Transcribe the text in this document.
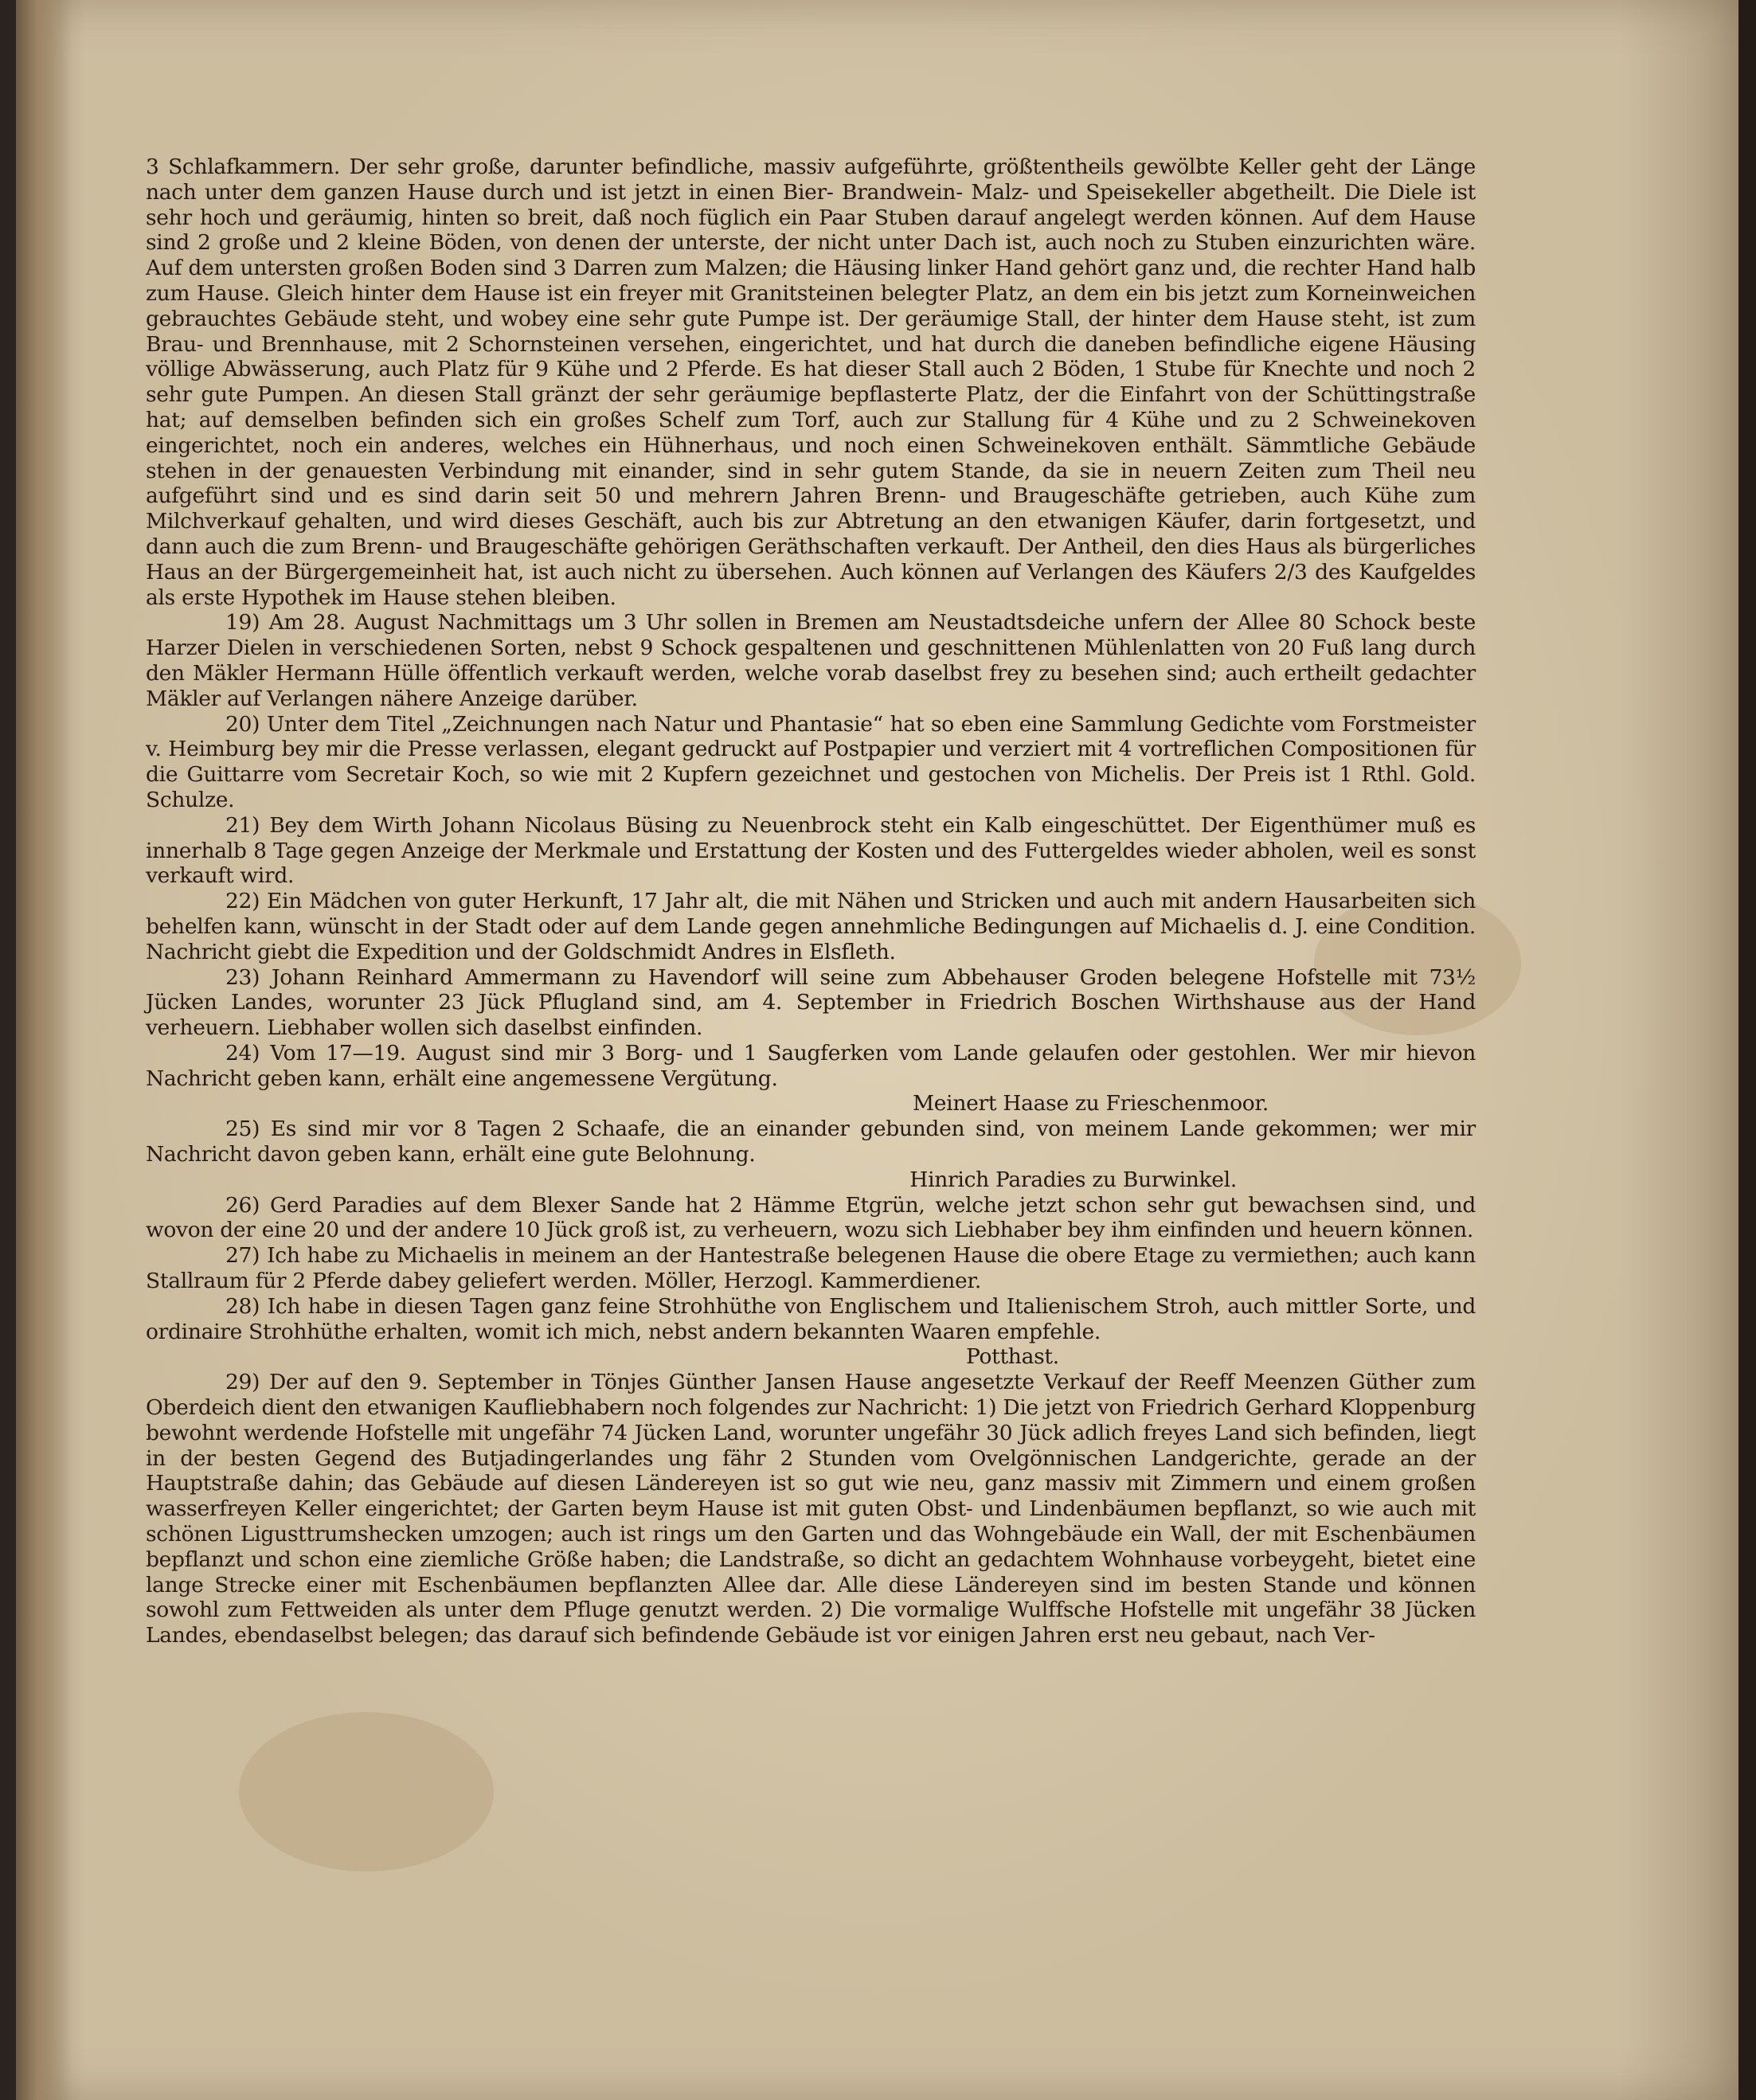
3 Schlafkammern. Der sehr große, darunter befindliche, massiv aufgeführte, größtentheils gewölbte Keller geht der Länge nach unter dem ganzen Hause durch und ist jetzt in einen Bier- Brandwein- Malz- und Speisekeller abgetheilt. Die Diele ist sehr hoch und geräumig, hinten so breit, daß noch füglich ein Paar Stuben darauf angelegt werden können. Auf dem Hause sind 2 große und 2 kleine Böden, von denen der unterste, der nicht unter Dach ist, auch noch zu Stuben einzurichten wäre. Auf dem untersten großen Boden sind 3 Darren zum Malzen; die Häusing linker Hand gehört ganz und, die rechter Hand halb zum Hause. Gleich hinter dem Hause ist ein freyer mit Granitsteinen belegter Platz, an dem ein bis jetzt zum Korneinweichen gebrauchtes Gebäude steht, und wobey eine sehr gute Pumpe ist. Der geräumige Stall, der hinter dem Hause steht, ist zum Brau- und Brennhause, mit 2 Schornsteinen versehen, eingerichtet, und hat durch die daneben befindliche eigene Häusing völlige Abwässerung, auch Platz für 9 Kühe und 2 Pferde. Es hat dieser Stall auch 2 Böden, 1 Stube für Knechte und noch 2 sehr gute Pumpen. An diesen Stall gränzt der sehr geräumige bepflasterte Platz, der die Einfahrt von der Schüttingstraße hat; auf demselben befinden sich ein großes Schelf zum Torf, auch zur Stallung für 4 Kühe und zu 2 Schweinekoven eingerichtet, noch ein anderes, welches ein Hühnerhaus, und noch einen Schweinekoven enthält. Sämmtliche Gebäude stehen in der genauesten Verbindung mit einander, sind in sehr gutem Stande, da sie in neuern Zeiten zum Theil neu aufgeführt sind und es sind darin seit 50 und mehrern Jahren Brenn- und Braugeschäfte getrieben, auch Kühe zum Milchverkauf gehalten, und wird dieses Geschäft, auch bis zur Abtretung an den etwanigen Käufer, darin fortgesetzt, und dann auch die zum Brenn- und Braugeschäfte gehörigen Geräthschaften verkauft. Der Antheil, den dies Haus als bürgerliches Haus an der Bürgergemeinheit hat, ist auch nicht zu übersehen. Auch können auf Verlangen des Käufers 2/3 des Kaufgeldes als erste Hypothek im Hause stehen bleiben.

19) Am 28. August Nachmittags um 3 Uhr sollen in Bremen am Neustadtsdeiche unfern der Allee 80 Schock beste Harzer Dielen in verschiedenen Sorten, nebst 9 Schock gespaltenen und geschnittenen Mühlenlatten von 20 Fuß lang durch den Mäkler Hermann Hülle öffentlich verkauft werden, welche vorab daselbst frey zu besehen sind; auch ertheilt gedachter Mäkler auf Verlangen nähere Anzeige darüber.

20) Unter dem Titel „Zeichnungen nach Natur und Phantasie“ hat so eben eine Sammlung Gedichte vom Forstmeister v. Heimburg bey mir die Presse verlassen, elegant gedruckt auf Postpapier und verziert mit 4 vortreflichen Compositionen für die Guittarre vom Secretair Koch, so wie mit 2 Kupfern gezeichnet und gestochen von Michelis. Der Preis ist 1 Rthl. Gold. Schulze.

21) Bey dem Wirth Johann Nicolaus Büsing zu Neuenbrock steht ein Kalb eingeschüttet. Der Eigenthümer muß es innerhalb 8 Tage gegen Anzeige der Merkmale und Erstattung der Kosten und des Futtergeldes wieder abholen, weil es sonst verkauft wird.

22) Ein Mädchen von guter Herkunft, 17 Jahr alt, die mit Nähen und Stricken und auch mit andern Hausarbeiten sich behelfen kann, wünscht in der Stadt oder auf dem Lande gegen annehmliche Bedingungen auf Michaelis d. J. eine Condition. Nachricht giebt die Expedition und der Goldschmidt Andres in Elsfleth.

23) Johann Reinhard Ammermann zu Havendorf will seine zum Abbehauser Groden belegene Hofstelle mit 73½ Jücken Landes, worunter 23 Jück Pflugland sind, am 4. September in Friedrich Boschen Wirthshause aus der Hand verheuern. Liebhaber wollen sich daselbst einfinden.

24) Vom 17—19. August sind mir 3 Borg- und 1 Saugferken vom Lande gelaufen oder gestohlen. Wer mir hievon Nachricht geben kann, erhält eine angemessene Vergütung.

Meinert Haase zu Frieschenmoor.

25) Es sind mir vor 8 Tagen 2 Schaafe, die an einander gebunden sind, von meinem Lande gekommen; wer mir Nachricht davon geben kann, erhält eine gute Belohnung.

Hinrich Paradies zu Burwinkel.

26) Gerd Paradies auf dem Blexer Sande hat 2 Hämme Etgrün, welche jetzt schon sehr gut bewachsen sind, und wovon der eine 20 und der andere 10 Jück groß ist, zu verheuern, wozu sich Liebhaber bey ihm einfinden und heuern können.

27) Ich habe zu Michaelis in meinem an der Hantestraße belegenen Hause die obere Etage zu vermiethen; auch kann Stallraum für 2 Pferde dabey geliefert werden. Möller, Herzogl. Kammerdiener.

28) Ich habe in diesen Tagen ganz feine Strohhüthe von Englischem und Italienischem Stroh, auch mittler Sorte, und ordinaire Strohhüthe erhalten, womit ich mich, nebst andern bekannten Waaren empfehle.

Potthast.

29) Der auf den 9. September in Tönjes Günther Jansen Hause angesetzte Verkauf der Reeff Meenzen Güther zum Oberdeich dient den etwanigen Kaufliebhabern noch folgendes zur Nachricht: 1) Die jetzt von Friedrich Gerhard Kloppenburg bewohnt werdende Hofstelle mit ungefähr 74 Jücken Land, worunter ungefähr 30 Jück adlich freyes Land sich befinden, liegt in der besten Gegend des Butjadingerlandes ung fähr 2 Stunden vom Ovelgönnischen Landgerichte, gerade an der Hauptstraße dahin; das Gebäude auf diesen Ländereyen ist so gut wie neu, ganz massiv mit Zimmern und einem großen wasserfreyen Keller eingerichtet; der Garten beym Hause ist mit guten Obst- und Lindenbäumen bepflanzt, so wie auch mit schönen Ligusttrumshecken umzogen; auch ist rings um den Garten und das Wohngebäude ein Wall, der mit Eschenbäumen bepflanzt und schon eine ziemliche Größe haben; die Landstraße, so dicht an gedachtem Wohnhause vorbeygeht, bietet eine lange Strecke einer mit Eschenbäumen bepflanzten Allee dar. Alle diese Ländereyen sind im besten Stande und können sowohl zum Fettweiden als unter dem Pfluge genutzt werden. 2) Die vormalige Wulffsche Hofstelle mit ungefähr 38 Jücken Landes, ebendaselbst belegen; das darauf sich befindende Gebäude ist vor einigen Jahren erst neu gebaut, nach Ver-
